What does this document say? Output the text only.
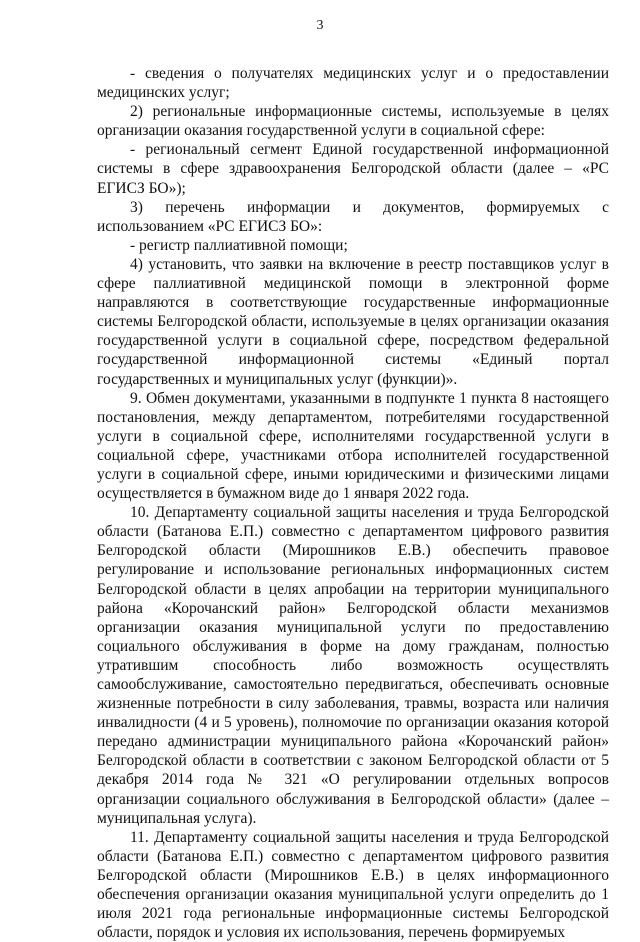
3

- сведения о получателях медицинских услуг и о предоставлении медицинских услуг;

2) региональные информационные системы, используемые в целях организации оказания государственной услуги в социальной сфере:

- региональный сегмент Единой государственной информационной системы в сфере здравоохранения Белгородской области (далее – «РС ЕГИСЗ БО»);

3) перечень информации и документов, формируемых с использованием «РС ЕГИСЗ БО»:

- регистр паллиативной помощи;

4) установить, что заявки на включение в реестр поставщиков услуг в сфере паллиативной медицинской помощи в электронной форме направляются в соответствующие государственные информационные системы Белгородской области, используемые в целях организации оказания государственной услуги в социальной сфере, посредством федеральной государственной информационной системы «Единый портал государственных и муниципальных услуг (функции)».

9. Обмен документами, указанными в подпункте 1 пункта 8 настоящего постановления, между департаментом, потребителями государственной услуги в социальной сфере, исполнителями государственной услуги в социальной сфере, участниками отбора исполнителей государственной услуги в социальной сфере, иными юридическими и физическими лицами осуществляется в бумажном виде до 1 января 2022 года.

10. Департаменту социальной защиты населения и труда Белгородской области (Батанова Е.П.) совместно с департаментом цифрового развития Белгородской области (Мирошников Е.В.) обеспечить правовое регулирование и использование региональных информационных систем Белгородской области в целях апробации на территории муниципального района «Корочанский район» Белгородской области механизмов организации оказания муниципальной услуги по предоставлению социального обслуживания в форме на дому гражданам, полностью утратившим способность либо возможность осуществлять самообслуживание, самостоятельно передвигаться, обеспечивать основные жизненные потребности в силу заболевания, травмы, возраста или наличия инвалидности (4 и 5 уровень), полномочие по организации оказания которой передано администрации муниципального района «Корочанский район» Белгородской области в соответствии с законом Белгородской области от 5 декабря 2014 года № 321 «О регулировании отдельных вопросов организации социального обслуживания в Белгородской области» (далее – муниципальная услуга).

11. Департаменту социальной защиты населения и труда Белгородской области (Батанова Е.П.) совместно с департаментом цифрового развития Белгородской области (Мирошников Е.В.) в целях информационного обеспечения организации оказания муниципальной услуги определить до 1 июля 2021 года региональные информационные системы Белгородской области, порядок и условия их использования, перечень формируемых
